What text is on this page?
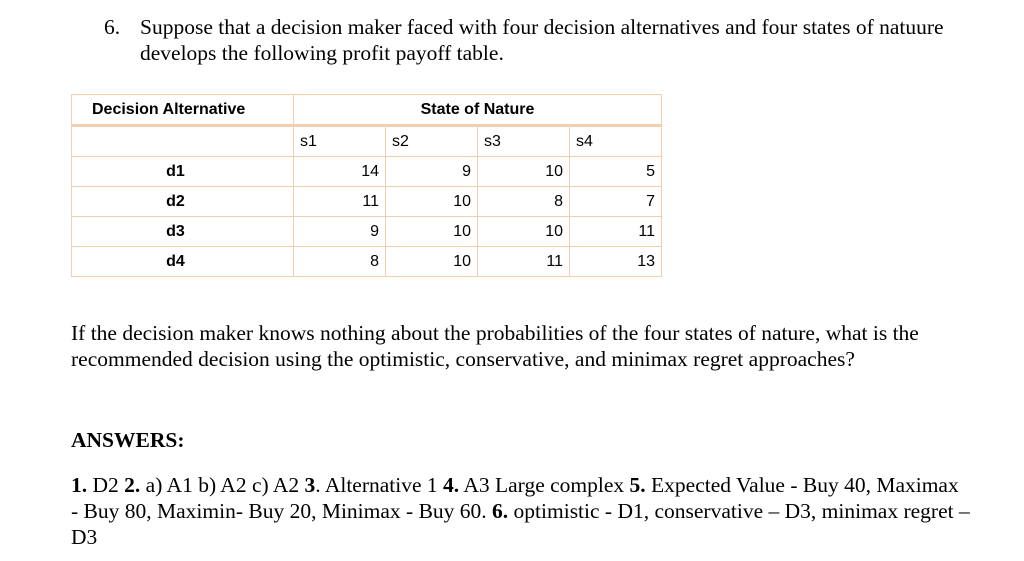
6. Suppose that a decision maker faced with four decision alternatives and four states of natuure develops the following profit payoff table.
Decision Alternative	State of Nature			
	s1	s2	s3	s4
d1	14	9	10	5
d2	11	10	8	7
d3	9	10	10	11
d4	8	10	11	13
If the decision maker knows nothing about the probabilities of the four states of nature, what is the recommended decision using the optimistic, conservative, and minimax regret approaches?
ANSWERS:
1. D2 2. a) A1 b) A2 c) A2 3. Alternative 1 4. A3 Large complex 5. Expected Value - Buy 40, Maximax - Buy 80, Maximin- Buy 20, Minimax - Buy 60. 6. optimistic - D1, conservative – D3, minimax regret – D3
